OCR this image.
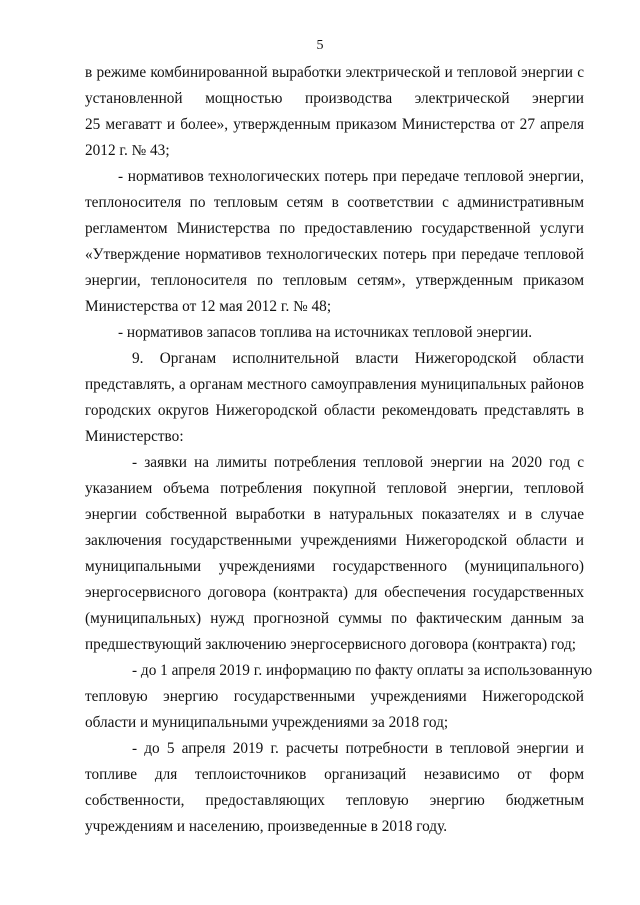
5
в режиме комбинированной выработки электрической и тепловой энергии с
установленной мощностью производства электрической энергии
25 мегаватт и более», утвержденным приказом Министерства от 27 апреля
2012 г. № 43;
- нормативов технологических потерь при передаче тепловой энергии,
теплоносителя по тепловым сетям в соответствии с административным
регламентом Министерства по предоставлению государственной услуги
«Утверждение нормативов технологических потерь при передаче тепловой
энергии, теплоносителя по тепловым сетям», утвержденным приказом
Министерства от 12 мая 2012 г. № 48;
- нормативов запасов топлива на источниках тепловой энергии.
9. Органам исполнительной власти Нижегородской области
представлять, а органам местного самоуправления муниципальных районов
городских округов Нижегородской области рекомендовать представлять в
Министерство:
- заявки на лимиты потребления тепловой энергии на 2020 год с
указанием объема потребления покупной тепловой энергии, тепловой
энергии собственной выработки в натуральных показателях и в случае
заключения государственными учреждениями Нижегородской области и
муниципальными учреждениями государственного (муниципального)
энергосервисного договора (контракта) для обеспечения государственных
(муниципальных) нужд прогнозной суммы по фактическим данным за
предшествующий заключению энергосервисного договора (контракта) год;
- до 1 апреля 2019 г. информацию по факту оплаты за использованную
тепловую энергию государственными учреждениями Нижегородской
области и муниципальными учреждениями за 2018 год;
- до 5 апреля 2019 г. расчеты потребности в тепловой энергии и
топливе для теплоисточников организаций независимо от форм
собственности, предоставляющих тепловую энергию бюджетным
учреждениям и населению, произведенные в 2018 году.
